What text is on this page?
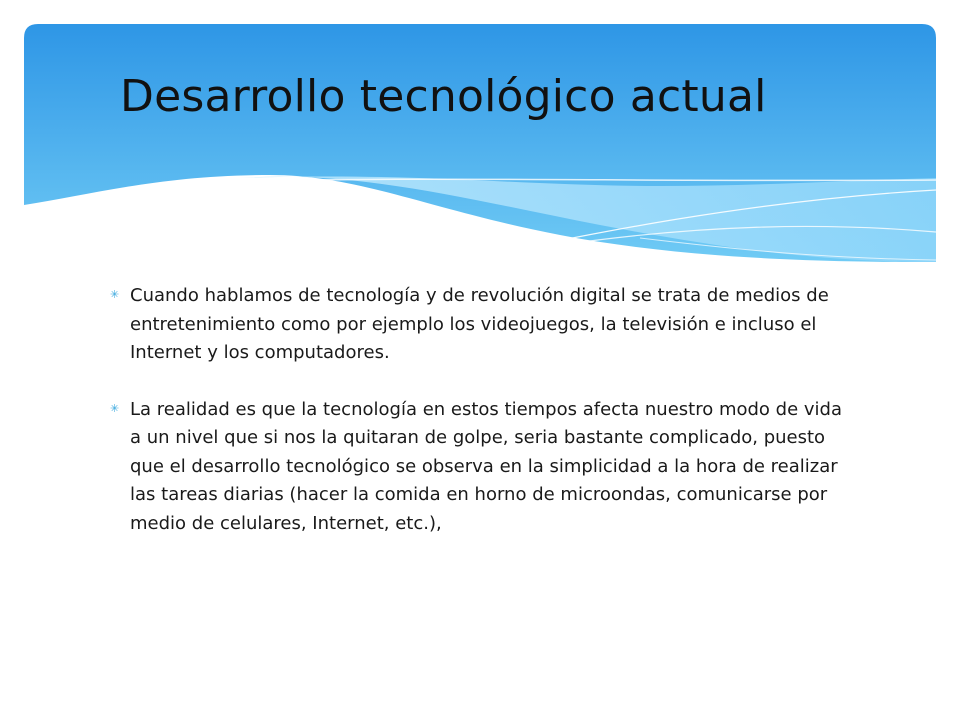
Desarrollo tecnológico actual
✳ Cuando hablamos de tecnología y de revolución digital se trata de medios de entretenimiento como por ejemplo los videojuegos, la televisión e incluso el Internet y los computadores.
✳ La realidad es que la tecnología en estos tiempos afecta nuestro modo de vida a un nivel que si nos la quitaran de golpe, seria bastante complicado, puesto que el desarrollo tecnológico se observa en la simplicidad a la hora de realizar las tareas diarias (hacer la comida en horno de microondas, comunicarse por medio de celulares, Internet, etc.),
